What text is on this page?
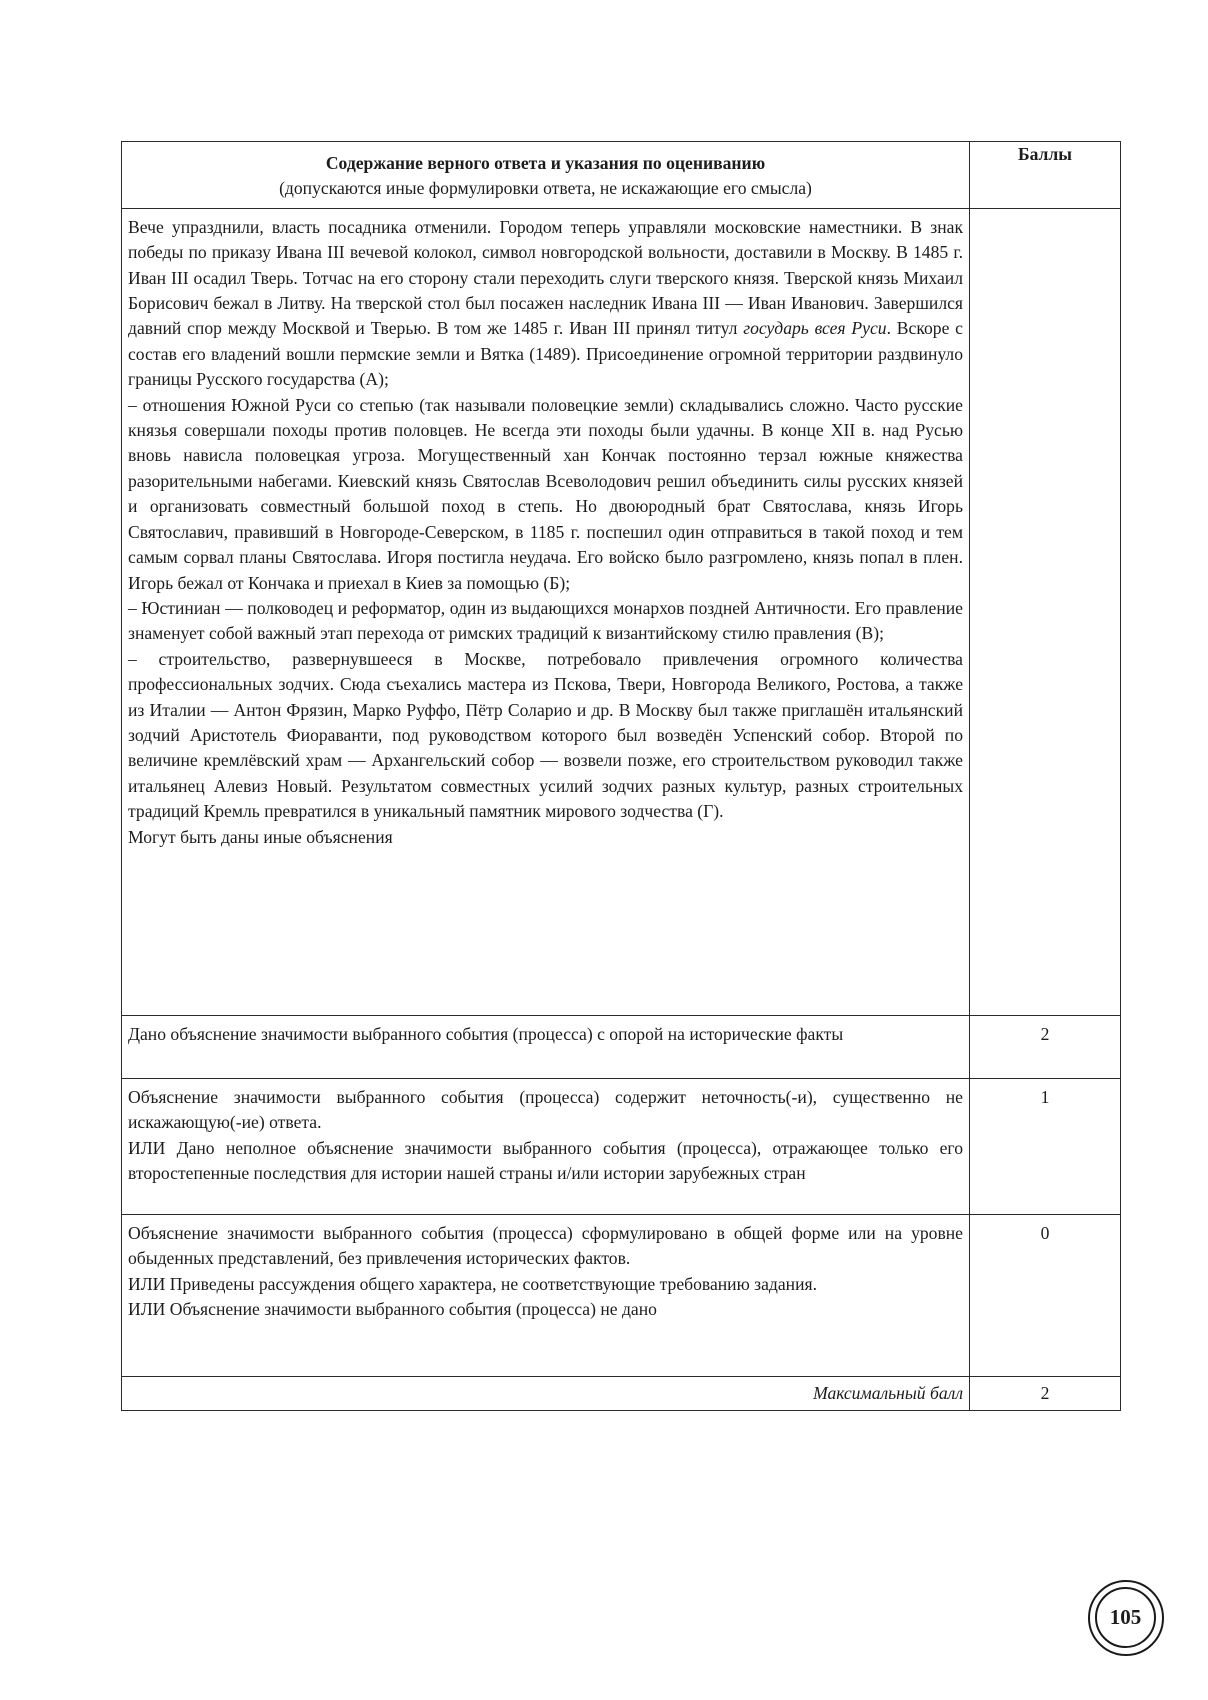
Содержание верного ответа и указания по оцениванию
(допускаются иные формулировки ответа, не искажающие его смысла)	Баллы

Вече упразднили, власть посадника отменили. Городом теперь управляли московские наместники. В знак победы по приказу Ивана III вечевой колокол, символ новгородской вольности, доставили в Москву. В 1485 г. Иван III осадил Тверь. Тотчас на его сторону стали переходить слуги тверского князя. Тверской князь Михаил Борисович бежал в Литву. На тверской стол был посажен наследник Ивана III — Иван Иванович. Завершился давний спор между Москвой и Тверью. В том же 1485 г. Иван III принял титул государь всея Руси. Вскоре с состав его владений вошли пермские земли и Вятка (1489). Присоединение огромной территории раздвинуло границы Русского государства (А);
– отношения Южной Руси со степью (так называли половецкие земли) складывались сложно. Часто русские князья совершали походы против половцев. Не всегда эти походы были удачны. В конце XII в. над Русью вновь нависла половецкая угроза. Могущественный хан Кончак постоянно терзал южные княжества разорительными набегами. Киевский князь Святослав Всеволодович решил объединить силы русских князей и организовать совместный большой поход в степь. Но двоюродный брат Святослава, князь Игорь Святославич, правивший в Новгороде-Северском, в 1185 г. поспешил один отправиться в такой поход и тем самым сорвал планы Святослава. Игоря постигла неудача. Его войско было разгромлено, князь попал в плен. Игорь бежал от Кончака и приехал в Киев за помощью (Б);
– Юстиниан — полководец и реформатор, один из выдающихся монархов поздней Античности. Его правление знаменует собой важный этап перехода от римских традиций к византийскому стилю правления (В);
– строительство, развернувшееся в Москве, потребовало привлечения огромного количества профессиональных зодчих. Сюда съехались мастера из Пскова, Твери, Новгорода Великого, Ростова, а также из Италии — Антон Фрязин, Марко Руффо, Пётр Соларио и др. В Москву был также приглашён итальянский зодчий Аристотель Фиораванти, под руководством которого был возведён Успенский собор. Второй по величине кремлёвский храм — Архангельский собор — возвели позже, его строительством руководил также итальянец Алевиз Новый. Результатом совместных усилий зодчих разных культур, разных строительных традиций Кремль превратился в уникальный памятник мирового зодчества (Г).
Могут быть даны иные объяснения	

Дано объяснение значимости выбранного события (процесса) с опорой на исторические факты	2

Объяснение значимости выбранного события (процесса) содержит неточность(-и), существенно не искажающую(-ие) ответа.
ИЛИ Дано неполное объяснение значимости выбранного события (процесса), отражающее только его второстепенные последствия для истории нашей страны и/или истории зарубежных стран	1

Объяснение значимости выбранного события (процесса) сформулировано в общей форме или на уровне обыденных представлений, без привлечения исторических фактов.
ИЛИ Приведены рассуждения общего характера, не соответствующие требованию задания.
ИЛИ Объяснение значимости выбранного события (процесса) не дано	0
Максимальный балл	2
105
